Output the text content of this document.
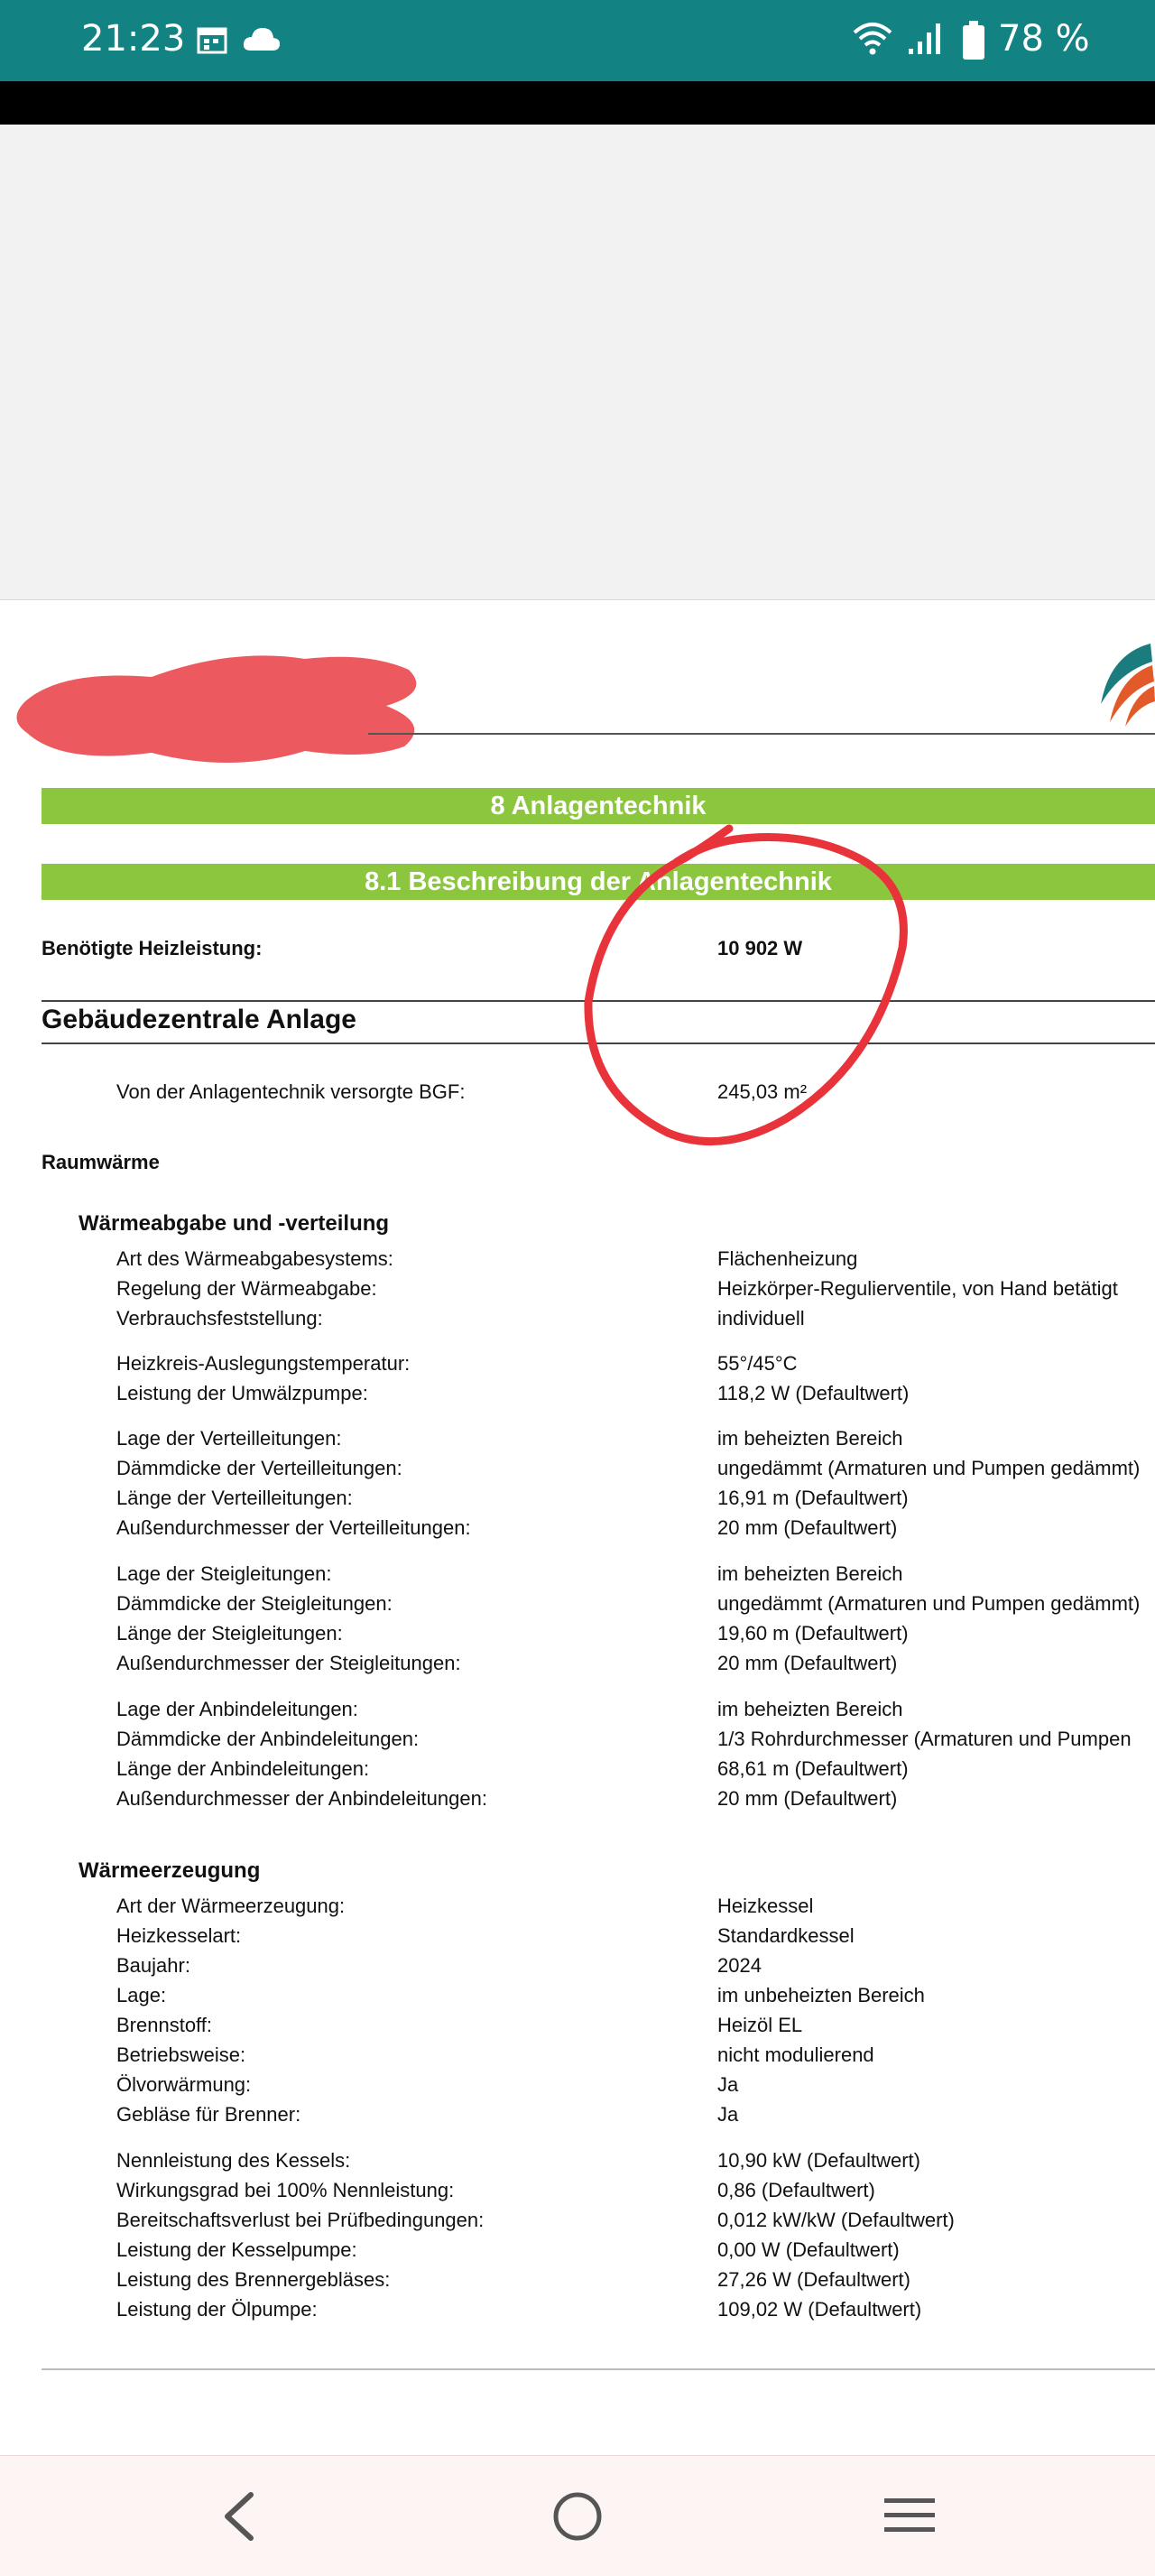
21:23	78 %
8 Anlagentechnik
8.1 Beschreibung der Anlagentechnik
Benötigte Heizleistung:	10 902 W
Gebäudezentrale Anlage
Von der Anlagentechnik versorgte BGF:	245,03 m²
Raumwärme
Wärmeabgabe und -verteilung
Art des Wärmeabgabesystems:	Flächenheizung
Regelung der Wärmeabgabe:	Heizkörper-Regulierventile, von Hand betätigt
Verbrauchsfeststellung:	individuell
Heizkreis-Auslegungstemperatur:	55°/45°C
Leistung der Umwälzpumpe:	118,2 W (Defaultwert)
Lage der Verteilleitungen:	im beheizten Bereich
Dämmdicke der Verteilleitungen:	ungedämmt (Armaturen und Pumpen gedämmt)
Länge der Verteilleitungen:	16,91 m (Defaultwert)
Außendurchmesser der Verteilleitungen:	20 mm (Defaultwert)
Lage der Steigleitungen:	im beheizten Bereich
Dämmdicke der Steigleitungen:	ungedämmt (Armaturen und Pumpen gedämmt)
Länge der Steigleitungen:	19,60 m (Defaultwert)
Außendurchmesser der Steigleitungen:	20 mm (Defaultwert)
Lage der Anbindeleitungen:	im beheizten Bereich
Dämmdicke der Anbindeleitungen:	1/3 Rohrdurchmesser (Armaturen und Pumpen
Länge der Anbindeleitungen:	68,61 m (Defaultwert)
Außendurchmesser der Anbindeleitungen:	20 mm (Defaultwert)
Wärmeerzeugung
Art der Wärmeerzeugung:	Heizkessel
Heizkesselart:	Standardkessel
Baujahr:	2024
Lage:	im unbeheizten Bereich
Brennstoff:	Heizöl EL
Betriebsweise:	nicht modulierend
Ölvorwärmung:	Ja
Gebläse für Brenner:	Ja
Nennleistung des Kessels:	10,90 kW (Defaultwert)
Wirkungsgrad bei 100% Nennleistung:	0,86 (Defaultwert)
Bereitschaftsverlust bei Prüfbedingungen:	0,012 kW/kW (Defaultwert)
Leistung der Kesselpumpe:	0,00 W (Defaultwert)
Leistung des Brennergebläses:	27,26 W (Defaultwert)
Leistung der Ölpumpe:	109,02 W (Defaultwert)
